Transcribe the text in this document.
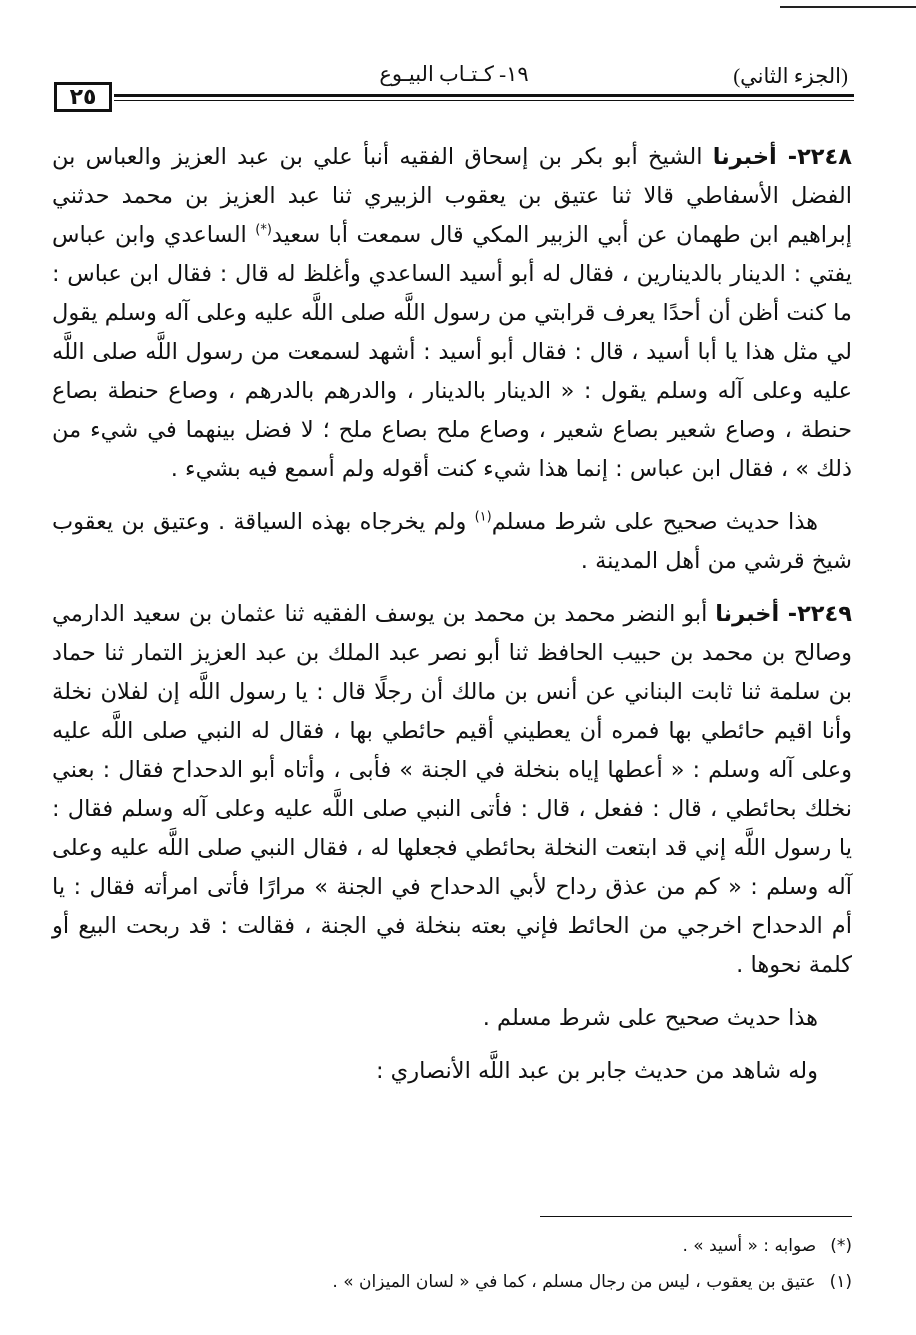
(الجزء الثاني)
١٩- كـتـاب البيـوع
٢٥

٢٢٤٨- أخبرنا الشيخ أبو بكر بن إسحاق الفقيه أنبأ علي بن عبد العزيز والعباس بن الفضل الأسفاطي قالا ثنا عتيق بن يعقوب الزبيري ثنا عبد العزيز بن محمد حدثني إبراهيم ابن طهمان عن أبي الزبير المكي قال سمعت أبا سعيد(*) الساعدي وابن عباس يفتي : الدينار بالدينارين ، فقال له أبو أسيد الساعدي وأغلظ له قال : فقال ابن عباس : ما كنت أظن أن أحدًا يعرف قرابتي من رسول اللَّه صلى اللَّه عليه وعلى آله وسلم يقول لي مثل هذا يا أبا أسيد ، قال : فقال أبو أسيد : أشهد لسمعت من رسول اللَّه صلى اللَّه عليه وعلى آله وسلم يقول : « الدينار بالدينار ، والدرهم بالدرهم ، وصاع حنطة بصاع حنطة ، وصاع شعير بصاع شعير ، وصاع ملح بصاع ملح ؛ لا فضل بينهما في شيء من ذلك » ، فقال ابن عباس : إنما هذا شيء كنت أقوله ولم أسمع فيه بشيء .

هذا حديث صحيح على شرط مسلم$^{(١)}$ ولم يخرجاه بهذه السياقة . وعتيق بن يعقوب شيخ قرشي من أهل المدينة .

٢٢٤٩- أخبرنا أبو النضر محمد بن محمد بن يوسف الفقيه ثنا عثمان بن سعيد الدارمي وصالح بن محمد بن حبيب الحافظ ثنا أبو نصر عبد الملك بن عبد العزيز التمار ثنا حماد بن سلمة ثنا ثابت البناني عن أنس بن مالك أن رجلًا قال : يا رسول اللَّه إن لفلان نخلة وأنا اقيم حائطي بها فمره أن يعطيني أقيم حائطي بها ، فقال له النبي صلى اللَّه عليه وعلى آله وسلم : « أعطها إياه بنخلة في الجنة » فأبى ، وأتاه أبو الدحداح فقال : بعني نخلك بحائطي ، قال : ففعل ، قال : فأتى النبي صلى اللَّه عليه وعلى آله وسلم فقال : يا رسول اللَّه إني قد ابتعت النخلة بحائطي فجعلها له ، فقال النبي صلى اللَّه عليه وعلى آله وسلم : « كم من عذق رداح لأبي الدحداح في الجنة » مرارًا فأتى امرأته فقال : يا أم الدحداح اخرجي من الحائط فإني بعته بنخلة في الجنة ، فقالت : قد ربحت البيع أو كلمة نحوها .

هذا حديث صحيح على شرط مسلم .

وله شاهد من حديث جابر بن عبد اللَّه الأنصاري :

(*)صوابه : « أسيد » .

(١)عتيق بن يعقوب ، ليس من رجال مسلم ، كما في « لسان الميزان » .
